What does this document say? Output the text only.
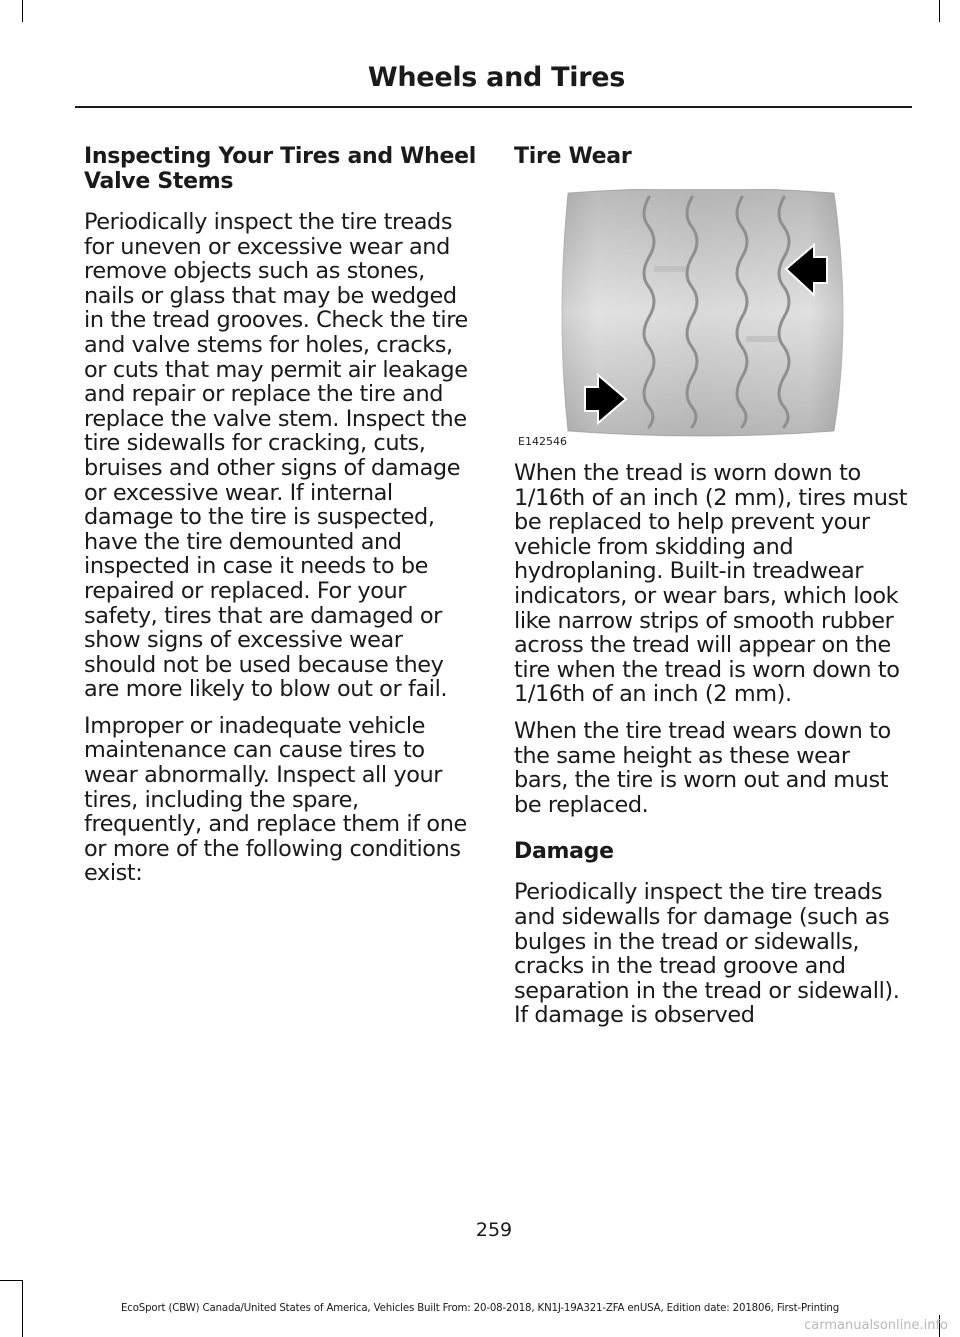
Wheels and Tires
Inspecting Your Tires and Wheel Valve Stems

Periodically inspect the tire treads for uneven or excessive wear and remove objects such as stones, nails or glass that may be wedged in the tread grooves. Check the tire and valve stems for holes, cracks, or cuts that may permit air leakage and repair or replace the tire and replace the valve stem. Inspect the tire sidewalls for cracking, cuts, bruises and other signs of damage or excessive wear. If internal damage to the tire is suspected, have the tire demounted and inspected in case it needs to be repaired or replaced. For your safety, tires that are damaged or show signs of excessive wear should not be used because they are more likely to blow out or fail.

Improper or inadequate vehicle maintenance can cause tires to wear abnormally. Inspect all your tires, including the spare, frequently, and replace them if one or more of the following conditions exist:

Tire Wear
E142546

When the tread is worn down to 1/16th of an inch (2 mm), tires must be replaced to help prevent your vehicle from skidding and hydroplaning. Built-in treadwear indicators, or wear bars, which look like narrow strips of smooth rubber across the tread will appear on the tire when the tread is worn down to 1/16th of an inch (2 mm).

When the tire tread wears down to the same height as these wear bars, the tire is worn out and must be replaced.

Damage

Periodically inspect the tire treads and sidewalls for damage (such as bulges in the tread or sidewalls, cracks in the tread groove and separation in the tread or sidewall). If damage is observed

259
EcoSport (CBW) Canada/United States of America, Vehicles Built From: 20-08-2018, KN1J-19A321-ZFA enUSA, Edition date: 201806, First-Printing
carmanualsonline.info
